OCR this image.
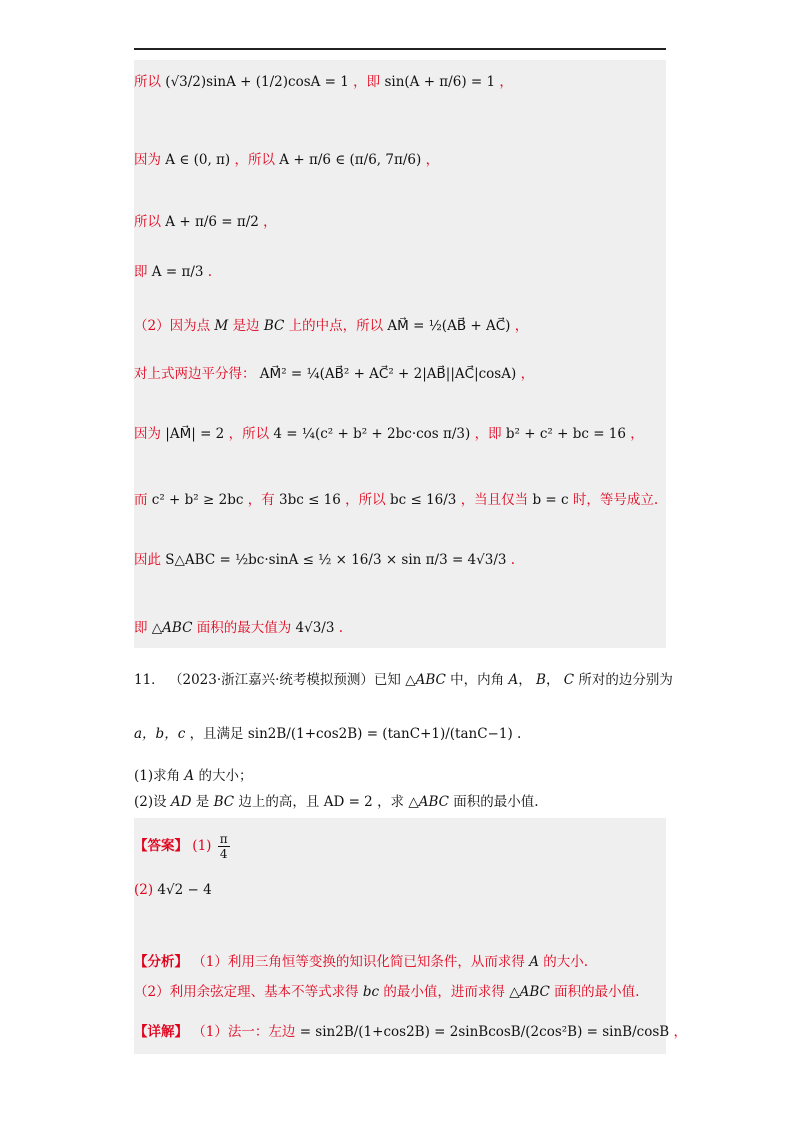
所以 (√3/2)sinA + (1/2)cosA = 1 ，即 sin(A + π/6) = 1 ，
因为 A ∈ (0, π) ，所以 A + π/6 ∈ (π/6, 7π/6) ，
所以 A + π/6 = π/2 ，
即 A = π/3 .
（2）因为点 M 是边 BC 上的中点，所以 AM⃗ = ½(AB⃗ + AC⃗) ，
对上式两边平分得： AM⃗² = ¼(AB⃗² + AC⃗² + 2|AB⃗||AC⃗|cosA) ，
因为 |AM⃗| = 2 ，所以 4 = ¼(c² + b² + 2bc·cos π/3) ，即 b² + c² + bc = 16 ，
而 c² + b² ≥ 2bc ，有 3bc ≤ 16 ，所以 bc ≤ 16/3 ，当且仅当 b = c 时，等号成立.
因此 S△ABC = ½bc·sinA ≤ ½ × 16/3 × sin π/3 = 4√3/3 .
即 △ABC 面积的最大值为 4√3/3 .
11． （2023·浙江嘉兴·统考模拟预测）已知 △ABC 中，内角 A， B， C 所对的边分别为
a，b，c ，且满足 sin2B/(1+cos2B) = (tanC+1)/(tanC−1) .
(1)求角 A 的大小；
(2)设 AD 是 BC 边上的高，且 AD = 2 ，求 △ABC 面积的最小值.
【答案】 $(1) \frac{\pi}{4}$
(2) 4√2 − 4
【分析】 （1）利用三角恒等变换的知识化简已知条件，从而求得 A 的大小.
（2）利用余弦定理、基本不等式求得 bc 的最小值，进而求得 △ABC 面积的最小值.
【详解】 （1）法一：左边 = sin2B/(1+cos2B) = 2sinBcosB/(2cos²B) = sinB/cosB ，
